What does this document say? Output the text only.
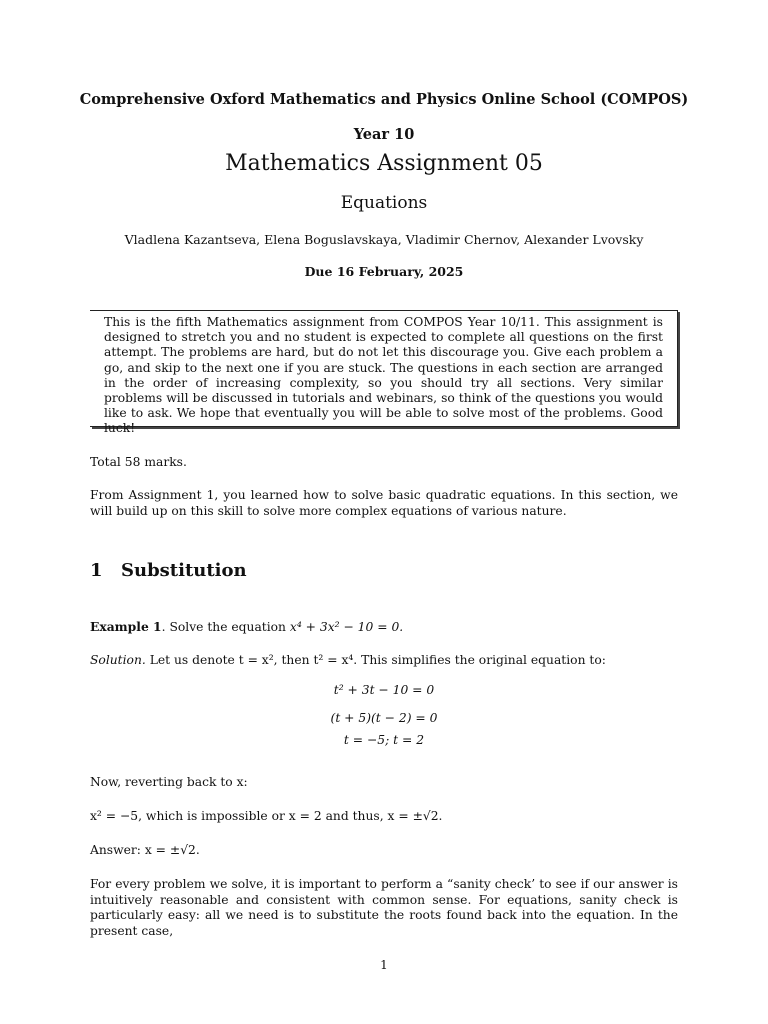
Comprehensive Oxford Mathematics and Physics Online School (COMPOS)
Year 10
Mathematics Assignment 05
Equations
Vladlena Kazantseva, Elena Boguslavskaya, Vladimir Chernov, Alexander Lvovsky
Due 16 February, 2025

This is the fifth Mathematics assignment from COMPOS Year 10/11. This assignment is designed to stretch you and no student is expected to complete all questions on the first attempt. The problems are hard, but do not let this discourage you. Give each problem a go, and skip to the next one if you are stuck. The questions in each section are arranged in the order of increasing complexity, so you should try all sections. Very similar problems will be discussed in tutorials and webinars, so think of the questions you would like to ask. We hope that eventually you will be able to solve most of the problems. Good luck!

Total 58 marks.

From Assignment 1, you learned how to solve basic quadratic equations. In this section, we will build up on this skill to solve more complex equations of various nature.

1 Substitution

Example 1. Solve the equation x⁴ + 3x² − 10 = 0.

Solution. Let us denote t = x², then t² = x⁴. This simplifies the original equation to:

t² + 3t − 10 = 0
(t + 5)(t − 2) = 0
t = −5; t = 2

Now, reverting back to x:

x² = −5, which is impossible or x = 2 and thus, x = ±√2.

Answer: x = ±√2.

For every problem we solve, it is important to perform a “sanity check’ to see if our answer is intuitively reasonable and consistent with common sense. For equations, sanity check is particularly easy: all we need is to substitute the roots found back into the equation. In the present case,

1
